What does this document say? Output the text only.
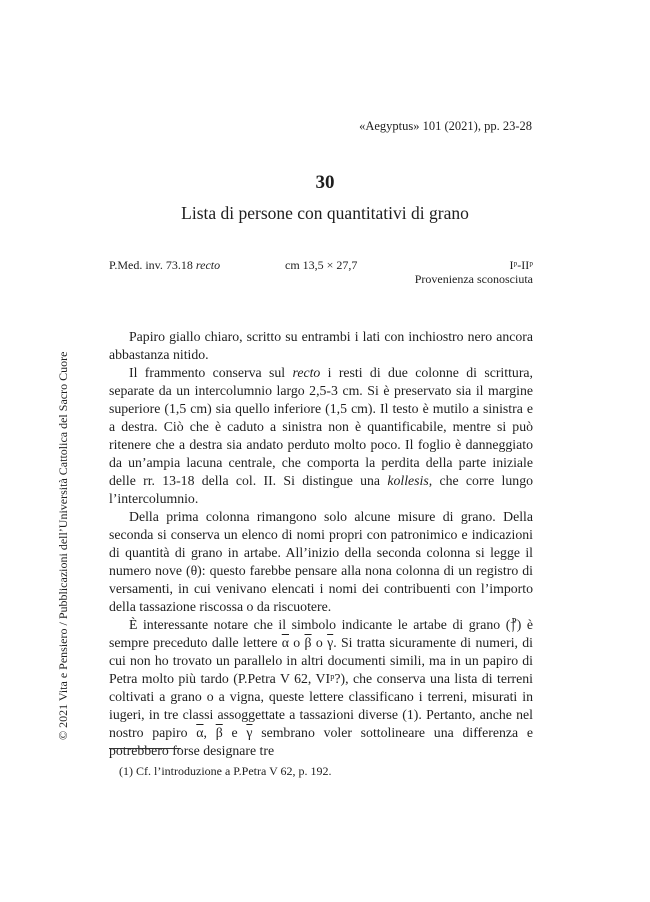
«Aegyptus» 101 (2021), pp. 23-28
30
Lista di persone con quantitativi di grano
P.Med. inv. 73.18 recto	cm 13,5 × 27,7	Iᵖ-IIᵖ
Provenienza sconosciuta
© 2021 Vita e Pensiero / Pubblicazioni dell’Università Cattolica del Sacro Cuore

Papiro giallo chiaro, scritto su entrambi i lati con inchiostro nero ancora abbastanza nitido.

Il frammento conserva sul recto i resti di due colonne di scrittura, separate da un intercolumnio largo 2,5-3 cm. Si è preservato sia il margine superiore (1,5 cm) sia quello inferiore (1,5 cm). Il testo è mutilo a sinistra e a destra. Ciò che è caduto a sinistra non è quantificabile, mentre si può ritenere che a destra sia andato perduto molto poco. Il foglio è danneggiato da un’ampia lacuna centrale, che comporta la perdita della parte iniziale delle rr. 13-18 della col. II. Si distingue una kollesis, che corre lungo l’intercolumnio.

Della prima colonna rimangono solo alcune misure di grano. Della seconda si conserva un elenco di nomi propri con patronimico e indicazioni di quantità di grano in artabe. All’inizio della seconda colonna si legge il numero nove (θ): questo farebbe pensare alla nona colonna di un registro di versamenti, in cui venivano elencati i nomi dei contribuenti con l’importo della tassazione riscossa o da riscuotere.

È interessante notare che il simbolo indicante le artabe di grano (⳨) è sempre preceduto dalle lettere $\overline{\alpha}$ o $\overline{\beta}$ o $\overline{\gamma}$. Si tratta sicuramente di numeri, di cui non ho trovato un parallelo in altri documenti simili, ma in un papiro di Petra molto più tardo (P.Petra V 62, VIᵖ?), che conserva una lista di terreni coltivati a grano o a vigna, queste lettere classificano i terreni, misurati in iugeri, in tre classi assoggettate a tassazioni diverse (1). Pertanto, anche nel nostro papiro $\overline{\alpha}$, $\overline{\beta}$ e $\overline{\gamma}$ sembrano voler sottolineare una differenza e potrebbero forse designare tre

(1) Cf. l’introduzione a P.Petra V 62, p. 192.
